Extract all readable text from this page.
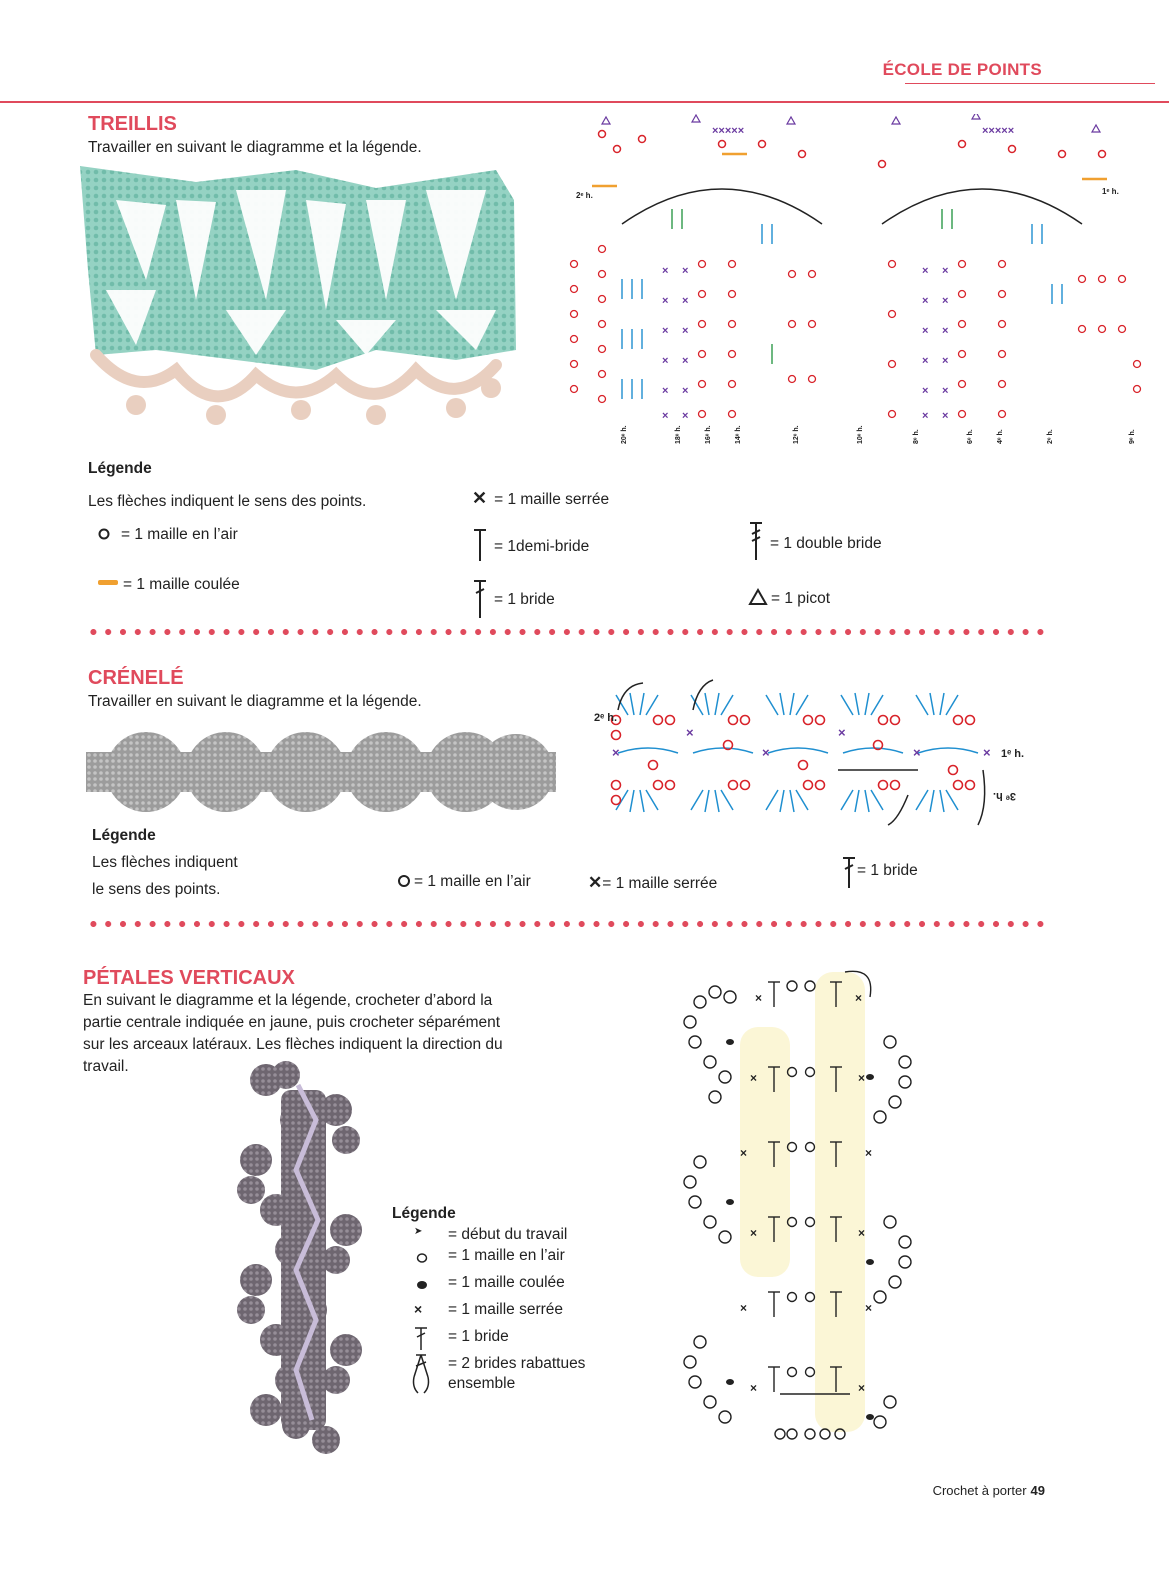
ÉCOLE DE POINTS
TREILLIS
Travailler en suivant le diagramme et la légende.
×
×
×
×
×
×
×
×
×
×
×
×
×
×
×
×
×
×
×
×
×
×
×
×
×××××	×××××
2ᵉ h.	1ᵉ h.
20ᵉ h.	18ᵉ h.	16ᵉ h.	14ᵉ h.	12ᵉ h.	10ᵉ h.	8ᵉ h.	6ᵉ h.	4ᵉ h.	2ᵉ h.	9ᵉ h.
Légende
Les flèches indiquent le sens des points.
= 1 maille en l’air
= 1 maille coulée
✕ = 1 maille serrée
= 1demi-bride
= 1 bride
= 1 double bride
= 1 picot
CRÉNELÉ
Travailler en suivant le diagramme et la légende.
×
×
×
×
×	×
2ᵉ h.
1ᵉ h.
3ᵉ h.
Légende
Les flèches indiquent
le sens des points.	= 1 maille en l’air	✕= 1 maille serrée
= 1 bride
PÉTALES VERTICAUX
En suivant le diagramme et la légende, crocheter d’abord la
partie centrale indiquée en jaune, puis crocheter séparément
sur les arceaux latéraux. Les flèches indiquent la direction du
travail.
Légende
➤ = début du travail
= 1 maille en l’air
= 1 maille coulée
× = 1 maille serrée
= 1 bride
= 2 brides rabattues
ensemble
×	×
×	×
×	×
×	×
×	×
×	×
Crochet à porter 49
